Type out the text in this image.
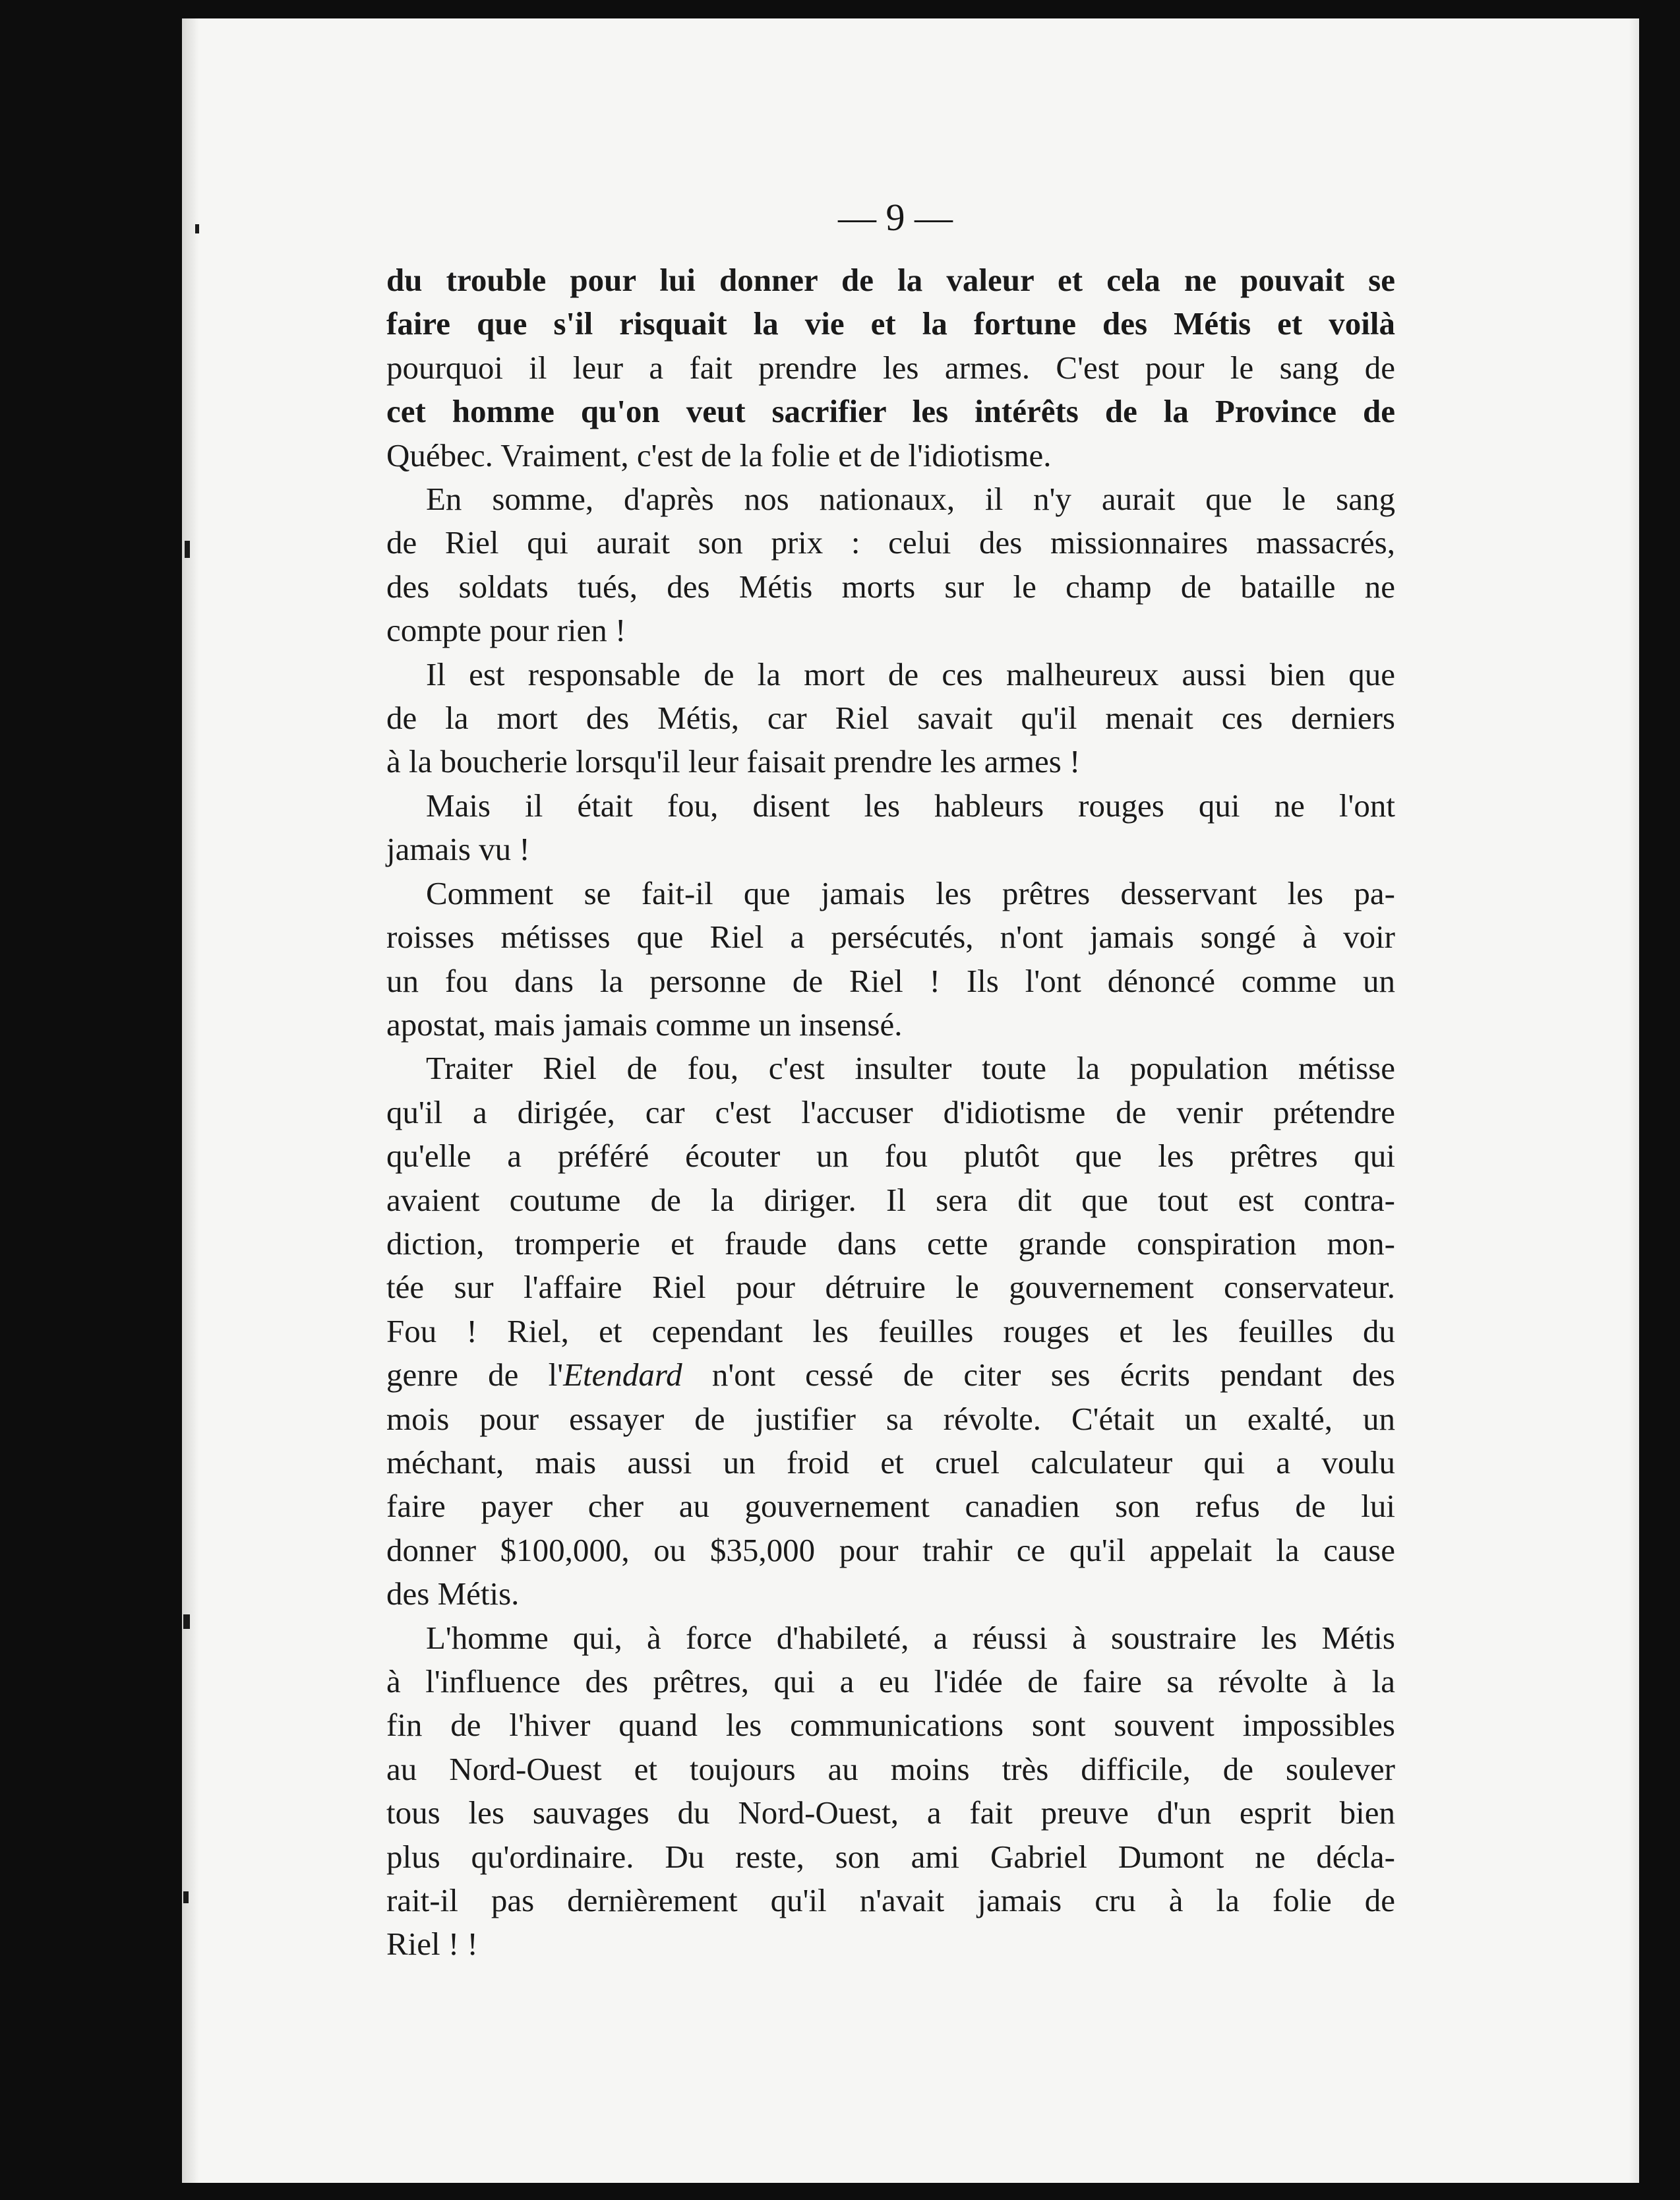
— 9 —
du trouble pour lui donner de la valeur et cela ne pouvait se
faire que s'il risquait la vie et la fortune des Métis et voilà
pourquoi il leur a fait prendre les armes. C'est pour le sang de
cet homme qu'on veut sacrifier les intérêts de la Province de
Québec. Vraiment, c'est de la folie et de l'idiotisme.
En somme, d'après nos nationaux, il n'y aurait que le sang
de Riel qui aurait son prix : celui des missionnaires massacrés,
des soldats tués, des Métis morts sur le champ de bataille ne
compte pour rien !
Il est responsable de la mort de ces malheureux aussi bien que
de la mort des Métis, car Riel savait qu'il menait ces derniers
à la boucherie lorsqu'il leur faisait prendre les armes !
Mais il était fou, disent les hableurs rouges qui ne l'ont
jamais vu !
Comment se fait-il que jamais les prêtres desservant les pa-
roisses métisses que Riel a persécutés, n'ont jamais songé à voir
un fou dans la personne de Riel ! Ils l'ont dénoncé comme un
apostat, mais jamais comme un insensé.
Traiter Riel de fou, c'est insulter toute la population métisse
qu'il a dirigée, car c'est l'accuser d'idiotisme de venir prétendre
qu'elle a préféré écouter un fou plutôt que les prêtres qui
avaient coutume de la diriger. Il sera dit que tout est contra-
diction, tromperie et fraude dans cette grande conspiration mon-
tée sur l'affaire Riel pour détruire le gouvernement conservateur.
Fou ! Riel, et cependant les feuilles rouges et les feuilles du
genre de l'Etendard n'ont cessé de citer ses écrits pendant des
mois pour essayer de justifier sa révolte. C'était un exalté, un
méchant, mais aussi un froid et cruel calculateur qui a voulu
faire payer cher au gouvernement canadien son refus de lui
donner $100,000, ou $35,000 pour trahir ce qu'il appelait la cause
des Métis.
L'homme qui, à force d'habileté, a réussi à soustraire les Métis
à l'influence des prêtres, qui a eu l'idée de faire sa révolte à la
fin de l'hiver quand les communications sont souvent impossibles
au Nord-Ouest et toujours au moins très difficile, de soulever
tous les sauvages du Nord-Ouest, a fait preuve d'un esprit bien
plus qu'ordinaire. Du reste, son ami Gabriel Dumont ne décla-
rait-il pas dernièrement qu'il n'avait jamais cru à la folie de
Riel ! !
